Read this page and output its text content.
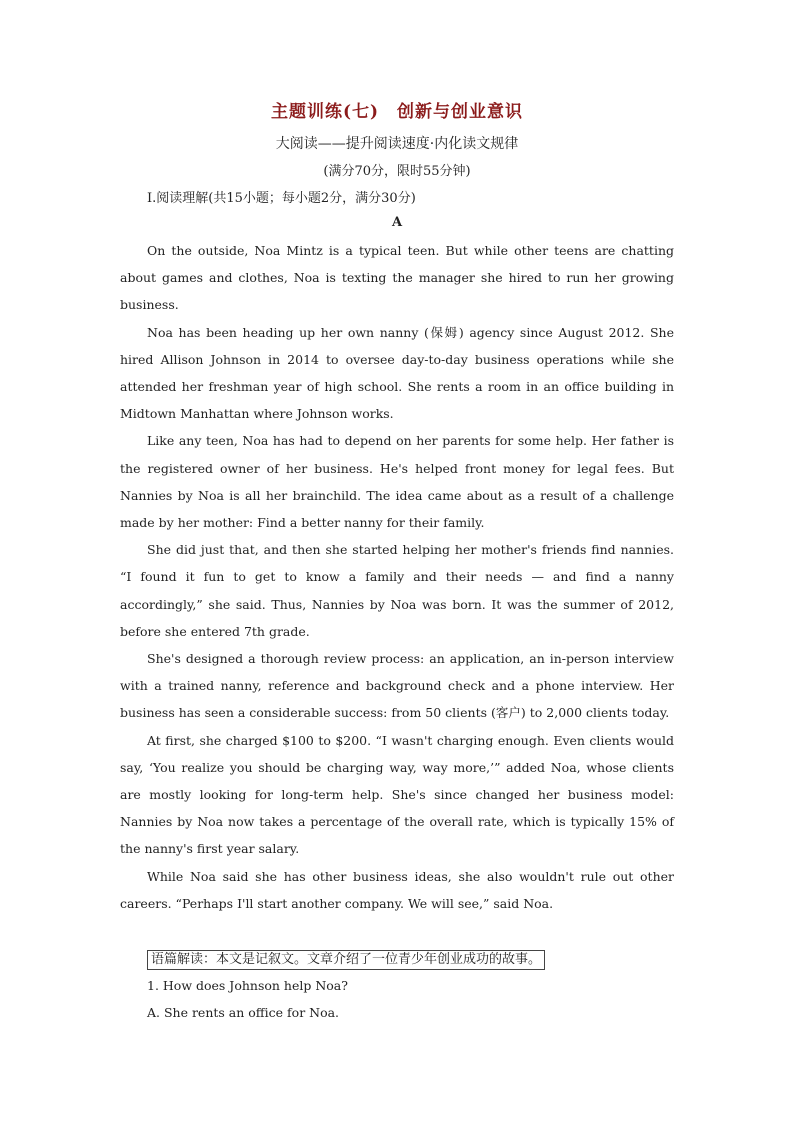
主题训练(七)　创新与创业意识
大阅读——提升阅读速度·内化读文规律
(满分70分，限时55分钟)
Ⅰ.阅读理解(共15小题；每小题2分，满分30分)
A

On the outside, Noa Mintz is a typical teen. But while other teens are chatting about games and clothes, Noa is texting the manager she hired to run her growing business.

Noa has been heading up her own nanny (保姆) agency since August 2012. She hired Allison Johnson in 2014 to oversee day-to-day business operations while she attended her freshman year of high school. She rents a room in an office building in Midtown Manhattan where Johnson works.

Like any teen, Noa has had to depend on her parents for some help. Her father is the registered owner of her business. He's helped front money for legal fees. But Nannies by Noa is all her brainchild. The idea came about as a result of a challenge made by her mother: Find a better nanny for their family.

She did just that, and then she started helping her mother's friends find nannies. “I found it fun to get to know a family and their needs — and find a nanny accordingly,” she said. Thus, Nannies by Noa was born. It was the summer of 2012, before she entered 7th grade.

She's designed a thorough review process: an application, an in-person interview with a trained nanny, reference and background check and a phone interview. Her business has seen a considerable success: from 50 clients (客户) to 2,000 clients today.

At first, she charged $100 to $200. “I wasn't charging enough. Even clients would say, ‘You realize you should be charging way, way more,’” added Noa, whose clients are mostly looking for long-term help. She's since changed her business model: Nannies by Noa now takes a percentage of the overall rate, which is typically 15% of the nanny's first year salary.

While Noa said she has other business ideas, she also wouldn't rule out other careers. “Perhaps I'll start another company. We will see,” said Noa.

语篇解读：本文是记叙文。文章介绍了一位青少年创业成功的故事。
1. How does Johnson help Noa?
A. She rents an office for Noa.
